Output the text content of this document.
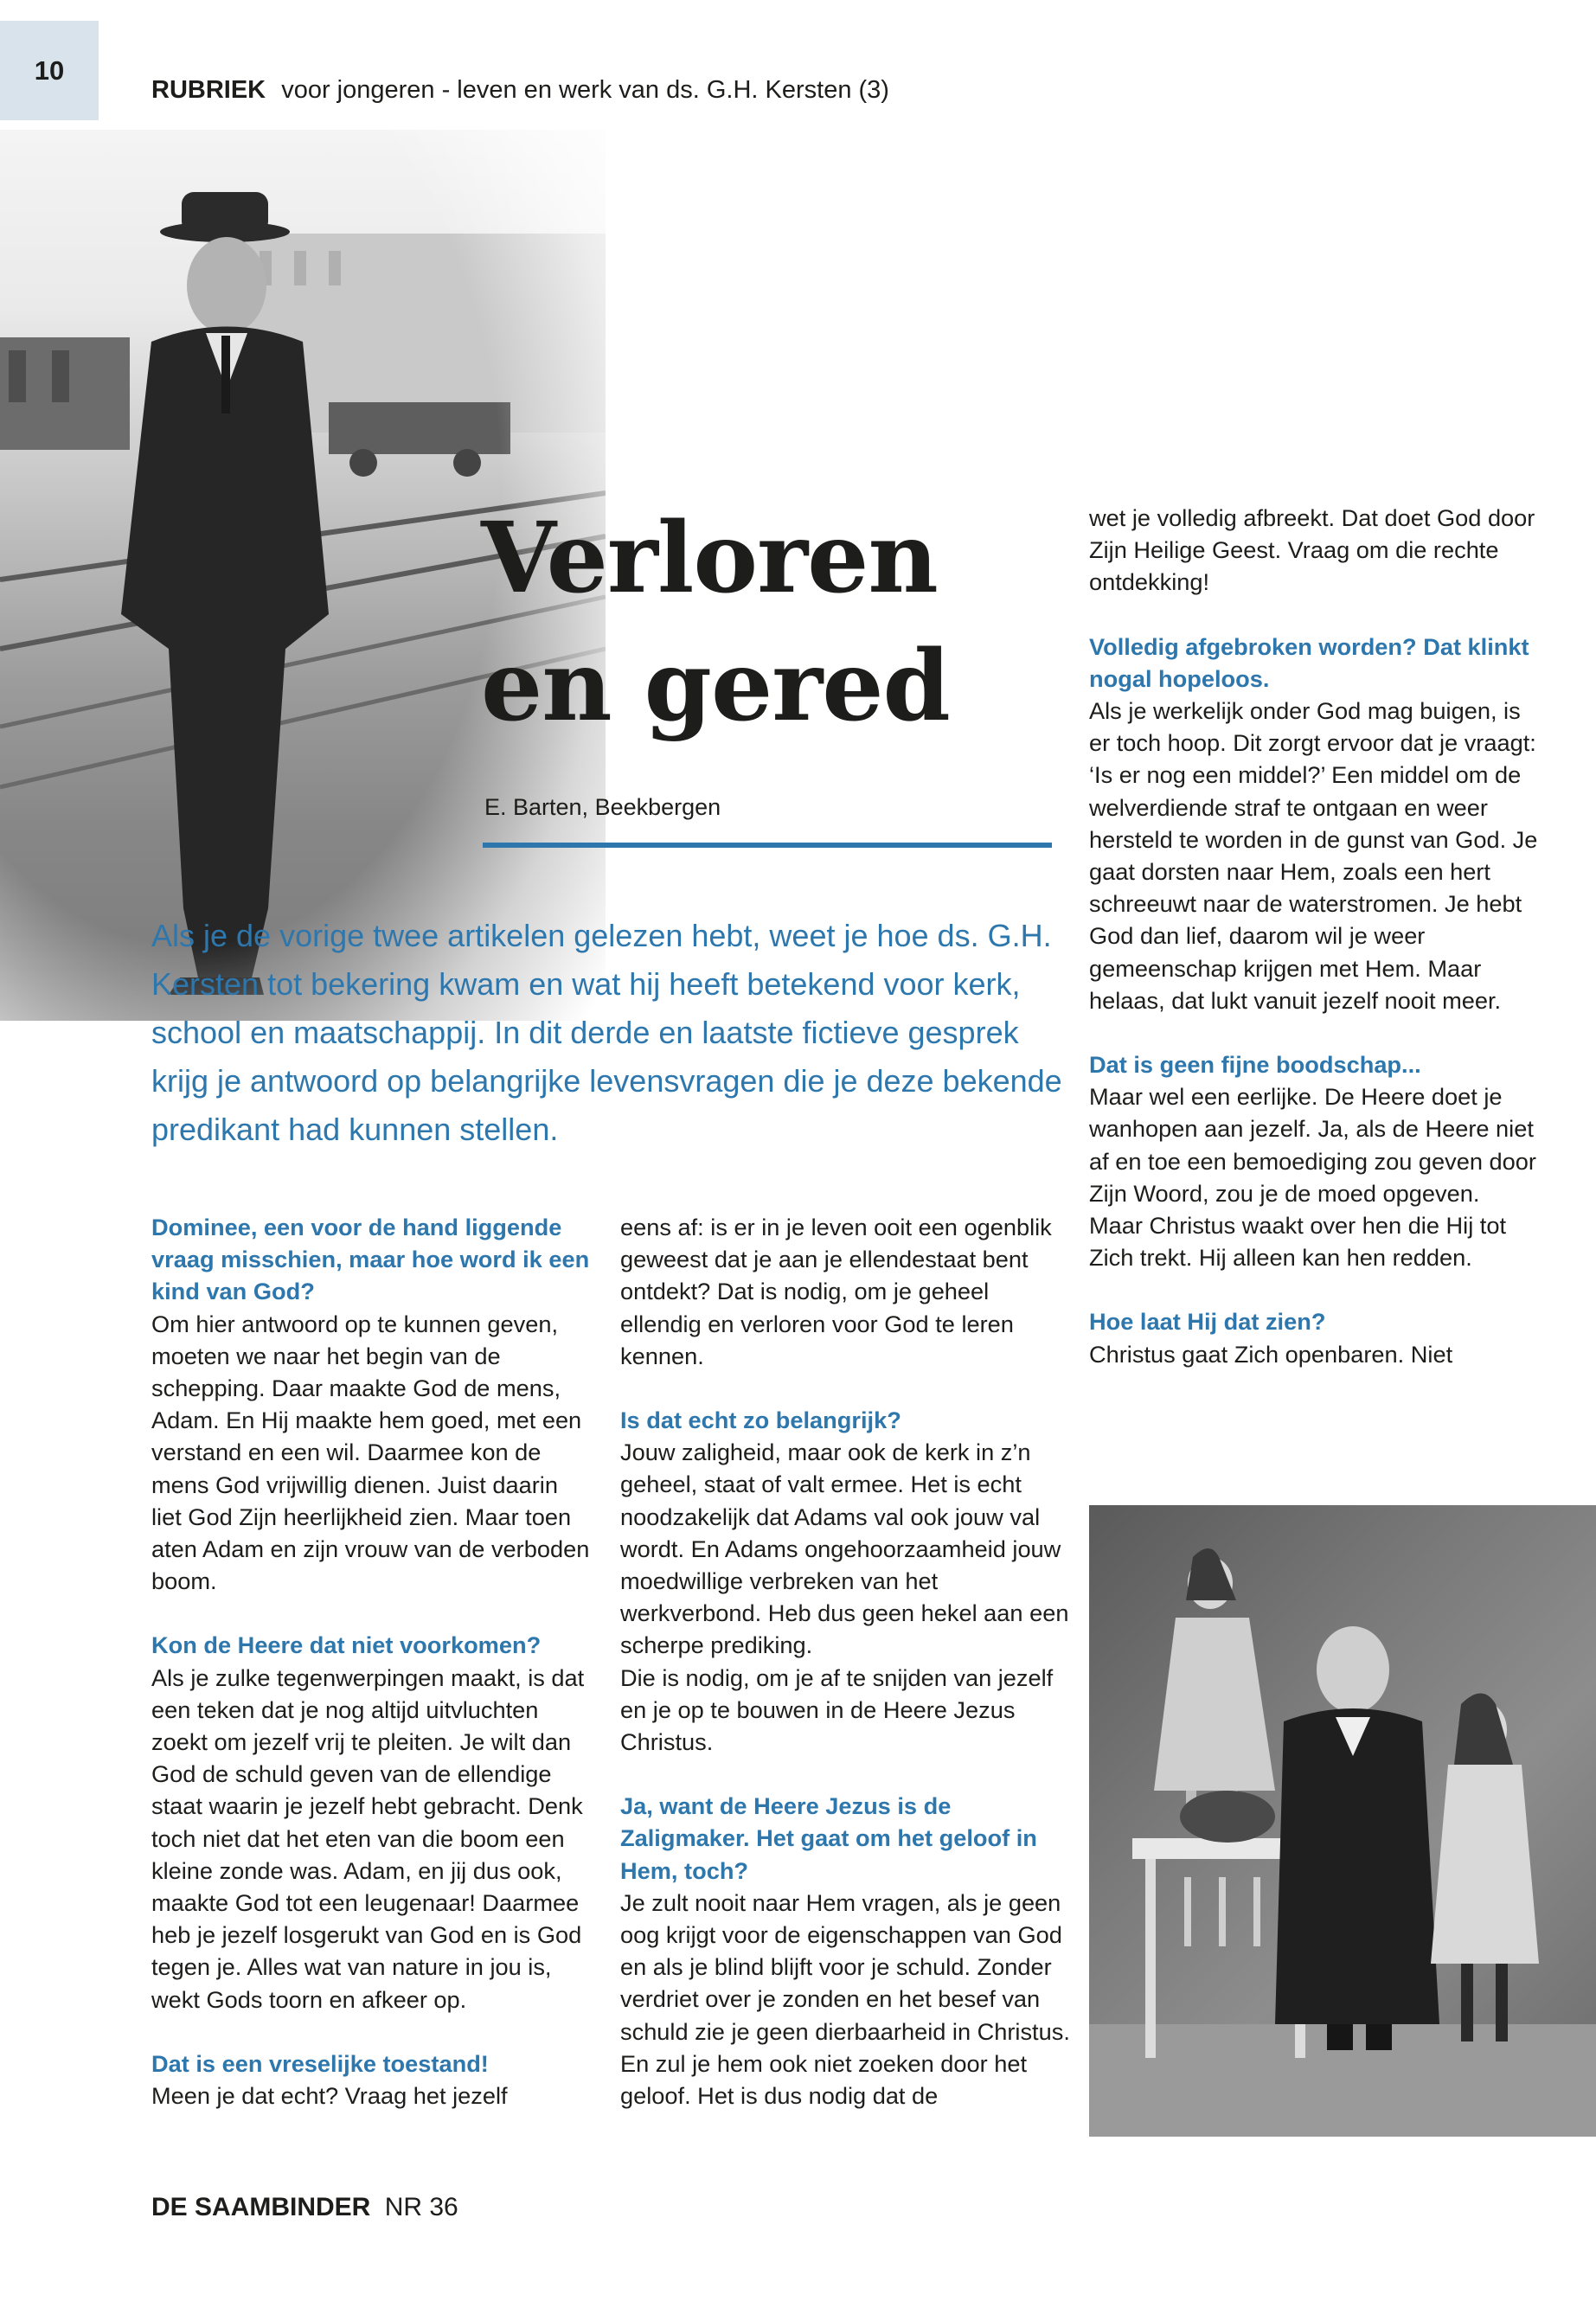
10
RUBRIEK voor jongeren - leven en werk van ds. G.H. Kersten (3)
Verloren
en gered
E. Barten, Beekbergen

Als je de vorige twee artikelen gelezen hebt, weet je hoe ds. G.H. Kersten tot bekering kwam en wat hij heeft betekend voor kerk, school en maatschappij. In dit derde en laatste fictieve gesprek krijg je antwoord op belangrijke levensvragen die je deze bekende predikant had kunnen stellen.

Dominee, een voor de hand liggende vraag misschien, maar hoe word ik een kind van God?

Om hier antwoord op te kunnen geven, moeten we naar het begin van de schepping. Daar maakte God de mens, Adam. En Hij maakte hem goed, met een verstand en een wil. Daarmee kon de mens God vrijwillig dienen. Juist daarin liet God Zijn heerlijkheid zien. Maar toen aten Adam en zijn vrouw van de verboden boom.

Kon de Heere dat niet voorkomen?

Als je zulke tegenwerpingen maakt, is dat een teken dat je nog altijd uitvluchten zoekt om jezelf vrij te pleiten. Je wilt dan God de schuld geven van de ellendige staat waarin je jezelf hebt gebracht. Denk toch niet dat het eten van die boom een kleine zonde was. Adam, en jij dus ook, maakte God tot een leugenaar! Daarmee heb je jezelf losgerukt van God en is God tegen je. Alles wat van nature in jou is, wekt Gods toorn en afkeer op.

Dat is een vreselijke toestand!

Meen je dat echt? Vraag het jezelf

eens af: is er in je leven ooit een ogenblik geweest dat je aan je ellendestaat bent ontdekt? Dat is nodig, om je geheel ellendig en verloren voor God te leren kennen.

Is dat echt zo belangrijk?

Jouw zaligheid, maar ook de kerk in z’n geheel, staat of valt ermee. Het is echt noodzakelijk dat Adams val ook jouw val wordt. En Adams ongehoorzaamheid jouw moedwillige verbreken van het werkverbond. Heb dus geen hekel aan een scherpe prediking.

Die is nodig, om je af te snijden van jezelf en je op te bouwen in de Heere Jezus Christus.

Ja, want de Heere Jezus is de Zaligmaker. Het gaat om het geloof in Hem, toch?

Je zult nooit naar Hem vragen, als je geen oog krijgt voor de eigenschappen van God en als je blind blijft voor je schuld. Zonder verdriet over je zonden en het besef van schuld zie je geen dierbaarheid in Christus. En zul je hem ook niet zoeken door het geloof. Het is dus nodig dat de

wet je volledig afbreekt. Dat doet God door Zijn Heilige Geest. Vraag om die rechte ontdekking!

Volledig afgebroken worden? Dat klinkt nogal hopeloos.

Als je werkelijk onder God mag buigen, is er toch hoop. Dit zorgt ervoor dat je vraagt: ‘Is er nog een middel?’ Een middel om de welverdiende straf te ontgaan en weer hersteld te worden in de gunst van God. Je gaat dorsten naar Hem, zoals een hert schreeuwt naar de waterstromen. Je hebt God dan lief, daarom wil je weer gemeenschap krijgen met Hem. Maar helaas, dat lukt vanuit jezelf nooit meer.

Dat is geen fijne boodschap...

Maar wel een eerlijke. De Heere doet je wanhopen aan jezelf. Ja, als de Heere niet af en toe een bemoediging zou geven door Zijn Woord, zou je de moed opgeven. Maar Christus waakt over hen die Hij tot Zich trekt. Hij alleen kan hen redden.

Hoe laat Hij dat zien?

Christus gaat Zich openbaren. Niet

DE SAAMBINDER NR 36
